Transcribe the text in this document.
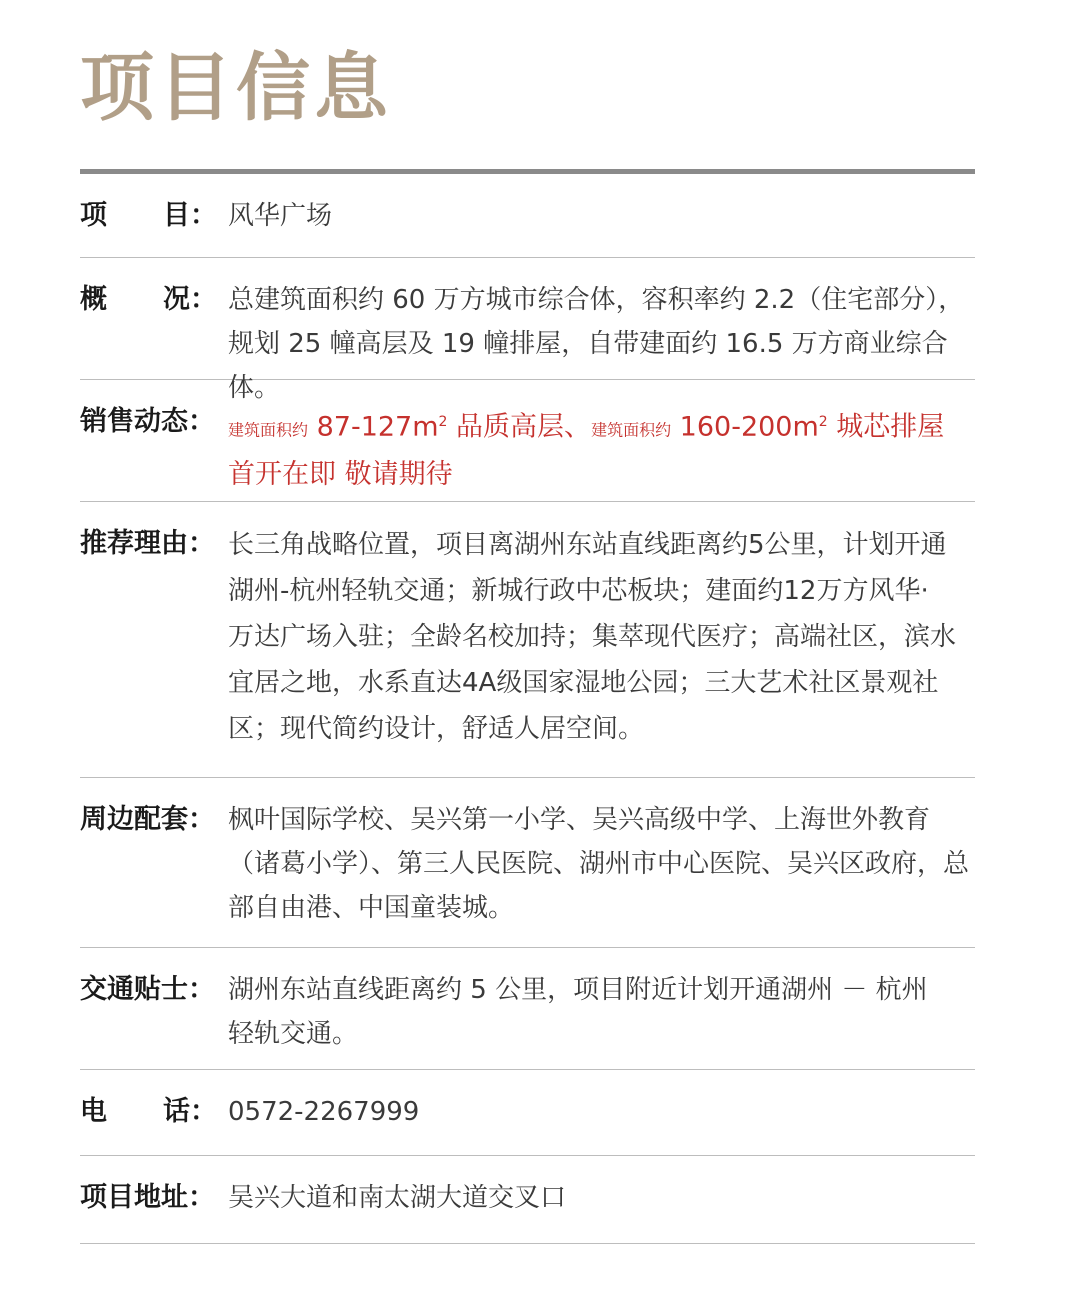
项目信息
项 目： 风华广场
概 况： 总建筑面积约 60 万方城市综合体，容积率约 2.2（住宅部分），
规划 25 幢高层及 19 幢排屋，自带建面约 16.5 万方商业综合体。
销售动态： 建筑面积约 $87-127m^2$ 品质高层、建筑面积约 $160-200m^2$ 城芯排屋
首开在即 敬请期待
推荐理由： 长三角战略位置，项目离湖州东站直线距离约5公里，计划开通
湖州-杭州轻轨交通；新城行政中芯板块；建面约12万方风华·
万达广场入驻；全龄名校加持；集萃现代医疗；高端社区，滨水
宜居之地，水系直达4A级国家湿地公园；三大艺术社区景观社
区；现代简约设计，舒适人居空间。
周边配套： 枫叶国际学校、吴兴第一小学、吴兴高级中学、上海世外教育
（诸葛小学）、第三人民医院、湖州市中心医院、吴兴区政府，总
部自由港、中国童装城。
交通贴士： 湖州东站直线距离约 5 公里，项目附近计划开通湖州 － 杭州
轻轨交通。
电 话： 0572-2267999
项目地址： 吴兴大道和南太湖大道交叉口
